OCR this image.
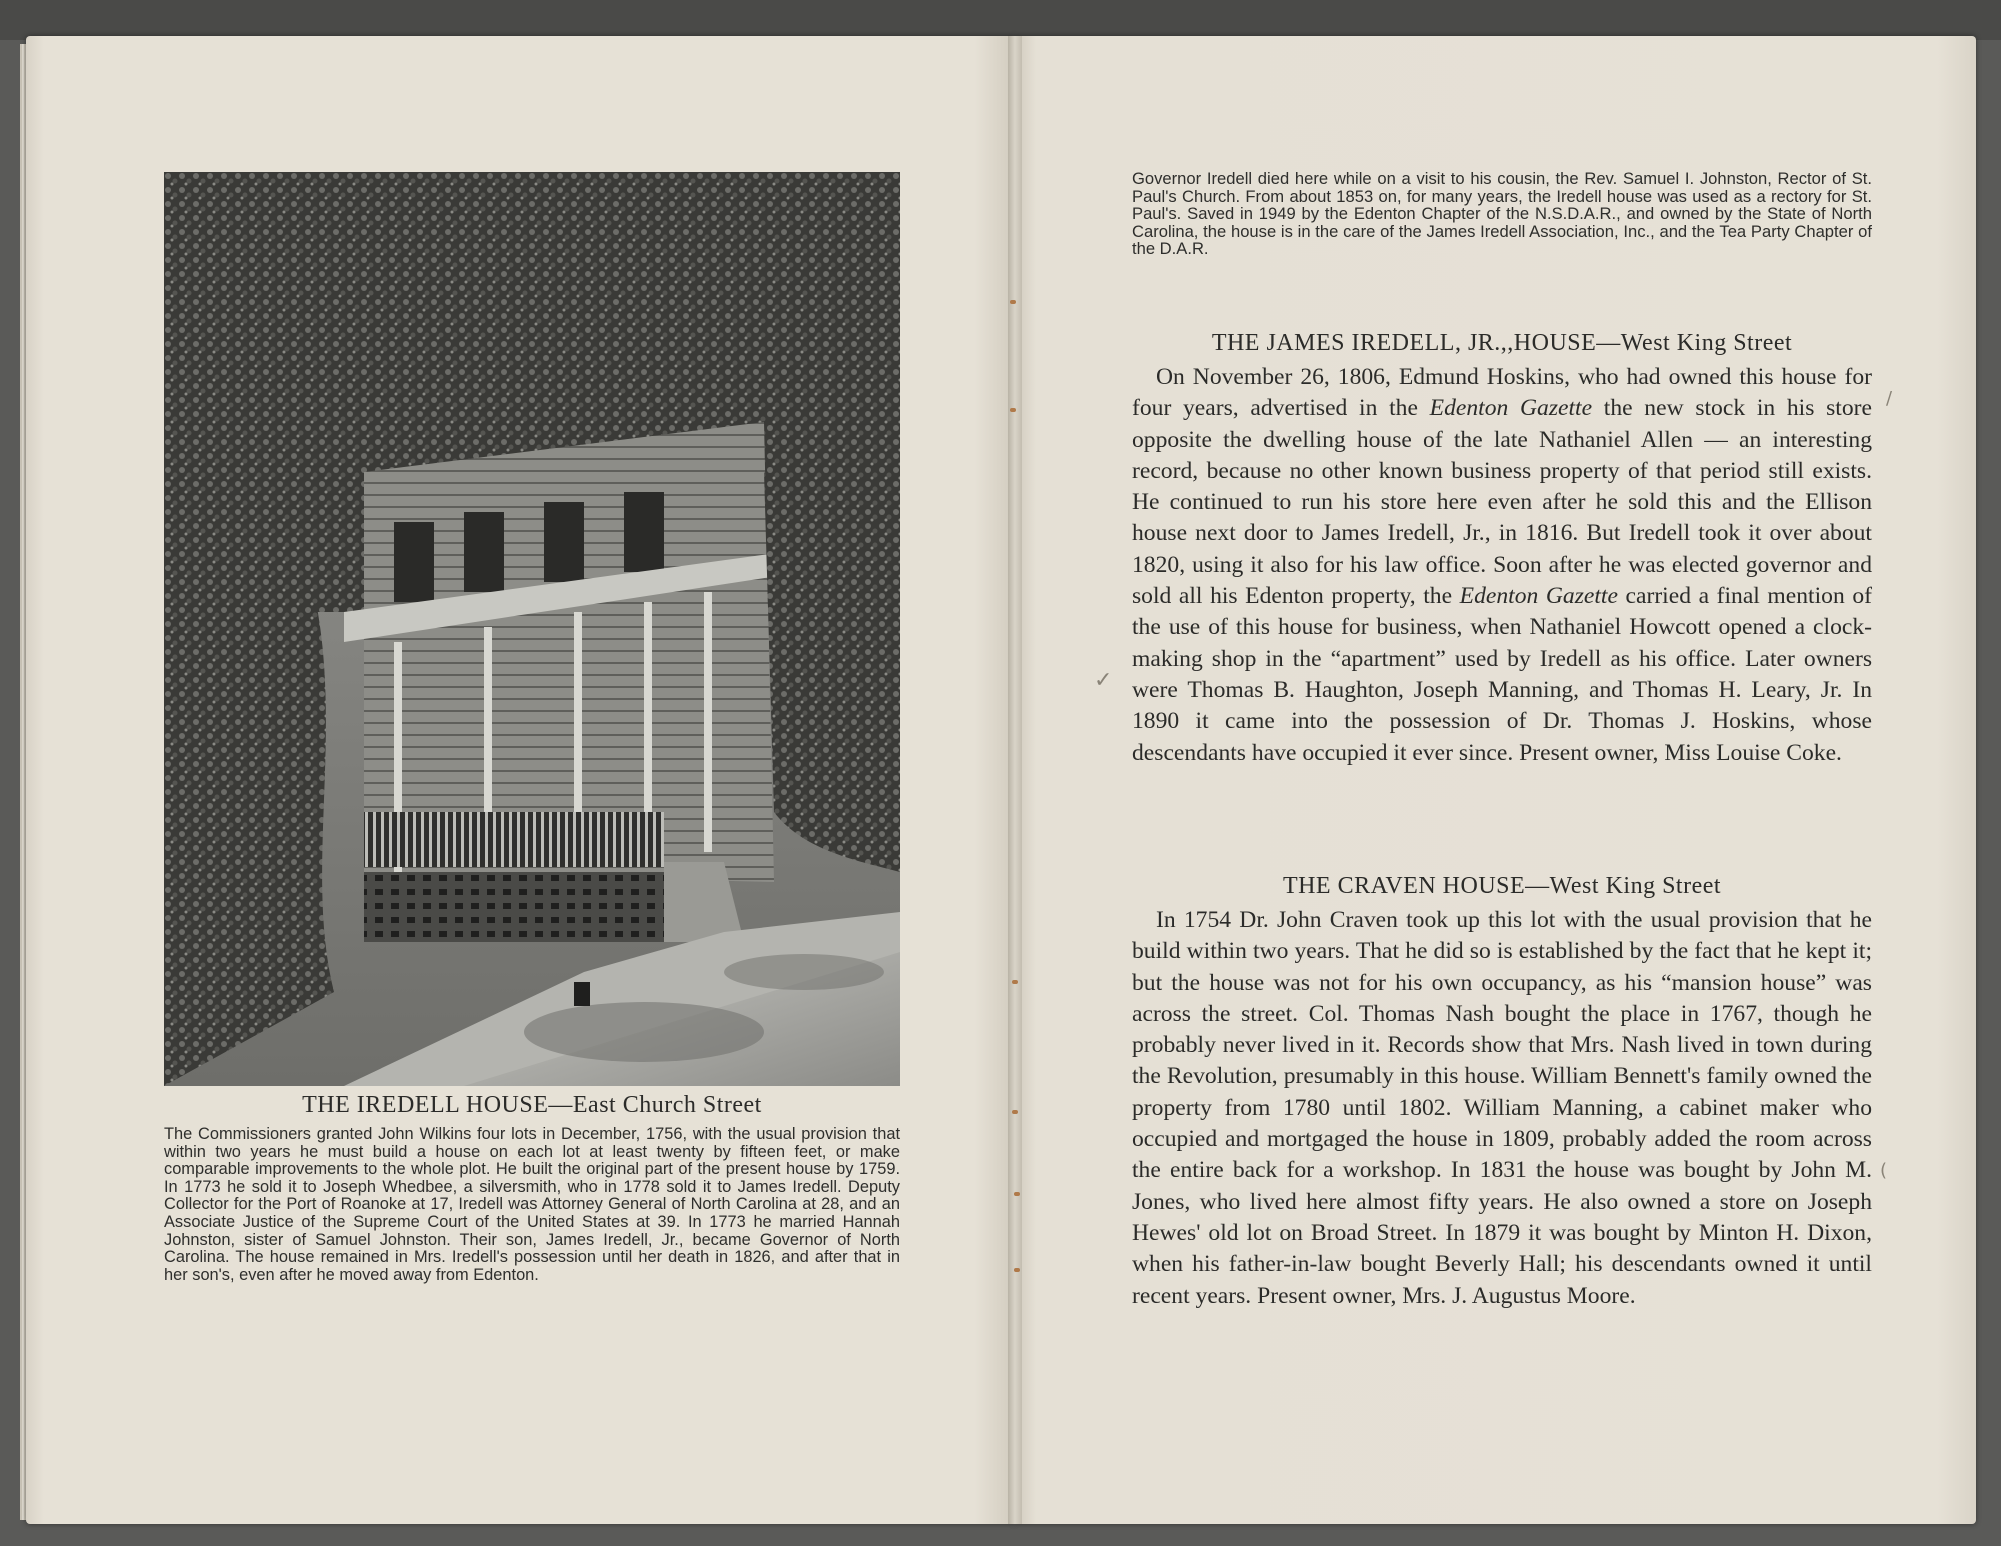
THE IREDELL HOUSE—East Church Street
The Commissioners granted John Wilkins four lots in December, 1756, with the usual provision that within two years he must build a house on each lot at least twenty by fifteen feet, or make comparable improvements to the whole plot. He built the original part of the present house by 1759. In 1773 he sold it to Joseph Whedbee, a silversmith, who in 1778 sold it to James Iredell. Deputy Collector for the Port of Roanoke at 17, Iredell was Attorney General of North Carolina at 28, and an Associate Justice of the Supreme Court of the United States at 39. In 1773 he married Hannah Johnston, sister of Samuel Johnston. Their son, James Iredell, Jr., became Governor of North Carolina. The house remained in Mrs. Iredell's possession until her death in 1826, and after that in her son's, even after he moved away from Edenton.
Governor Iredell died here while on a visit to his cousin, the Rev. Samuel I. Johnston, Rector of St. Paul's Church. From about 1853 on, for many years, the Iredell house was used as a rectory for St. Paul's. Saved in 1949 by the Edenton Chapter of the N.S.D.A.R., and owned by the State of North Carolina, the house is in the care of the James Iredell Association, Inc., and the Tea Party Chapter of the D.A.R.
THE JAMES IREDELL, JR.,,HOUSE—West King Street
On November 26, 1806, Edmund Hoskins, who had owned this house for four years, advertised in the Edenton Gazette the new stock in his store opposite the dwelling house of the late Nathaniel Allen — an interesting record, because no other known business property of that period still exists. He continued to run his store here even after he sold this and the Ellison house next door to James Iredell, Jr., in 1816. But Iredell took it over about 1820, using it also for his law office. Soon after he was elected governor and sold all his Edenton property, the Edenton Gazette carried a final mention of the use of this house for business, when Nathaniel Howcott opened a clock-making shop in the “apartment” used by Iredell as his office. Later owners were Thomas B. Haughton, Joseph Manning, and Thomas H. Leary, Jr. In 1890 it came into the possession of Dr. Thomas J. Hoskins, whose descendants have occupied it ever since. Present owner, Miss Louise Coke.
THE CRAVEN HOUSE—West King Street
In 1754 Dr. John Craven took up this lot with the usual provision that he build within two years. That he did so is established by the fact that he kept it; but the house was not for his own occupancy, as his “mansion house” was across the street. Col. Thomas Nash bought the place in 1767, though he probably never lived in it. Records show that Mrs. Nash lived in town during the Revolution, presumably in this house. William Bennett's family owned the property from 1780 until 1802. William Manning, a cabinet maker who occupied and mortgaged the house in 1809, probably added the room across the entire back for a workshop. In 1831 the house was bought by John M. Jones, who lived here almost fifty years. He also owned a store on Joseph Hewes' old lot on Broad Street. In 1879 it was bought by Minton H. Dixon, when his father-in-law bought Beverly Hall; his descendants owned it until recent years. Present owner, Mrs. J. Augustus Moore.
✓
/
(
